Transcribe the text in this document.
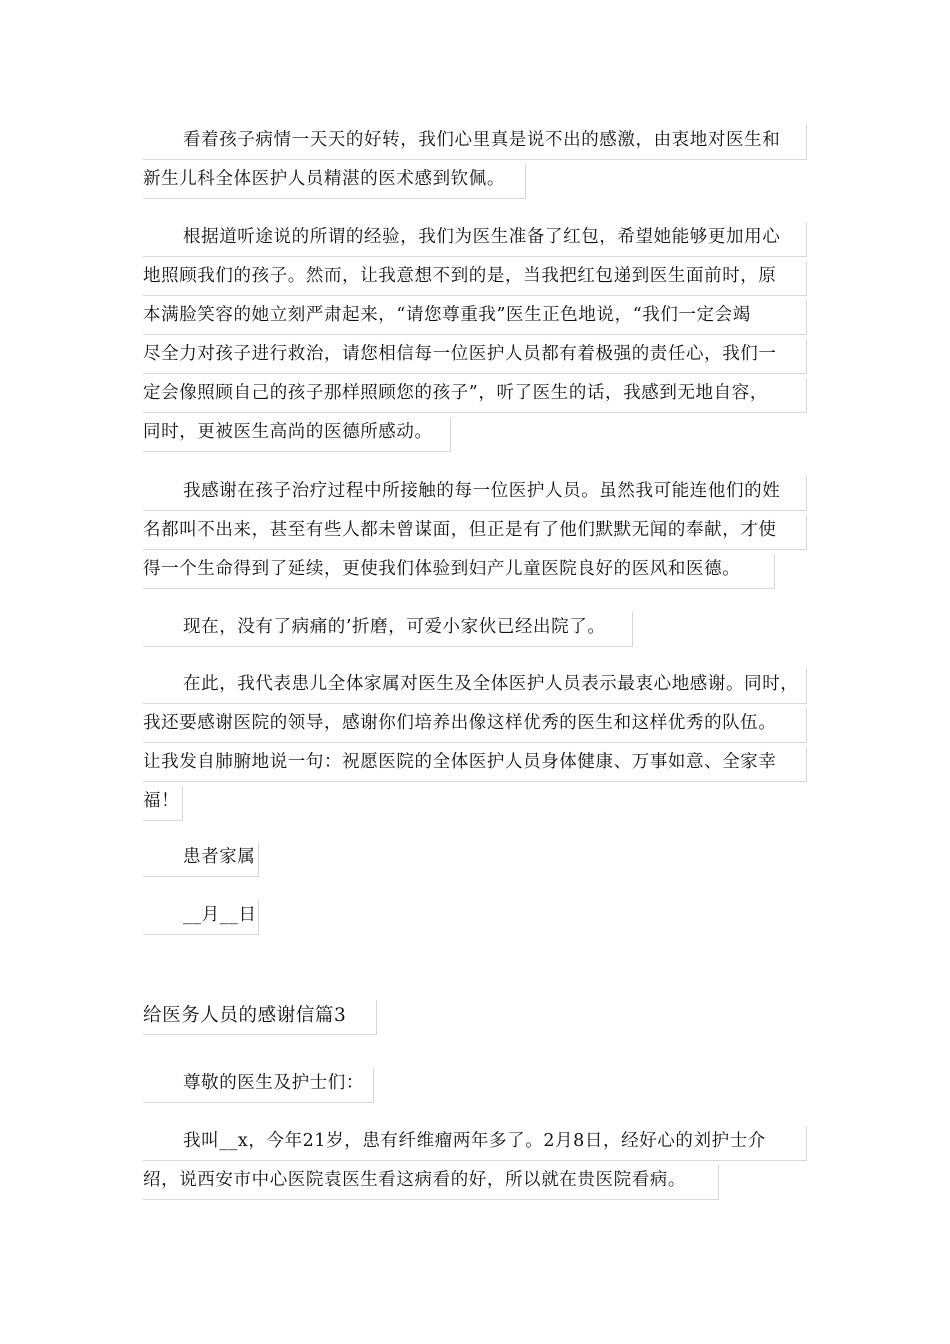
看着孩子病情一天天的好转，我们心里真是说不出的感激，由衷地对医生和
新生儿科全体医护人员精湛的医术感到钦佩。
根据道听途说的所谓的经验，我们为医生准备了红包，希望她能够更加用心
地照顾我们的孩子。然而，让我意想不到的是，当我把红包递到医生面前时，原
本满脸笑容的她立刻严肃起来，“请您尊重我”医生正色地说，“我们一定会竭
尽全力对孩子进行救治，请您相信每一位医护人员都有着极强的责任心，我们一
定会像照顾自己的孩子那样照顾您的孩子”，听了医生的话，我感到无地自容，
同时，更被医生高尚的医德所感动。
我感谢在孩子治疗过程中所接触的每一位医护人员。虽然我可能连他们的姓
名都叫不出来，甚至有些人都未曾谋面，但正是有了他们默默无闻的奉献，才使
得一个生命得到了延续，更使我们体验到妇产儿童医院良好的医风和医德。
现在，没有了病痛的’折磨，可爱小家伙已经出院了。
在此，我代表患儿全体家属对医生及全体医护人员表示最衷心地感谢。同时，
我还要感谢医院的领导，感谢你们培养出像这样优秀的医生和这样优秀的队伍。
让我发自肺腑地说一句：祝愿医院的全体医护人员身体健康、万事如意、全家幸
福！
患者家属
__月__日
给医务人员的感谢信篇3
尊敬的医生及护士们：
我叫__x，今年21岁，患有纤维瘤两年多了。2月8日，经好心的刘护士介
绍，说西安市中心医院袁医生看这病看的好，所以就在贵医院看病。
